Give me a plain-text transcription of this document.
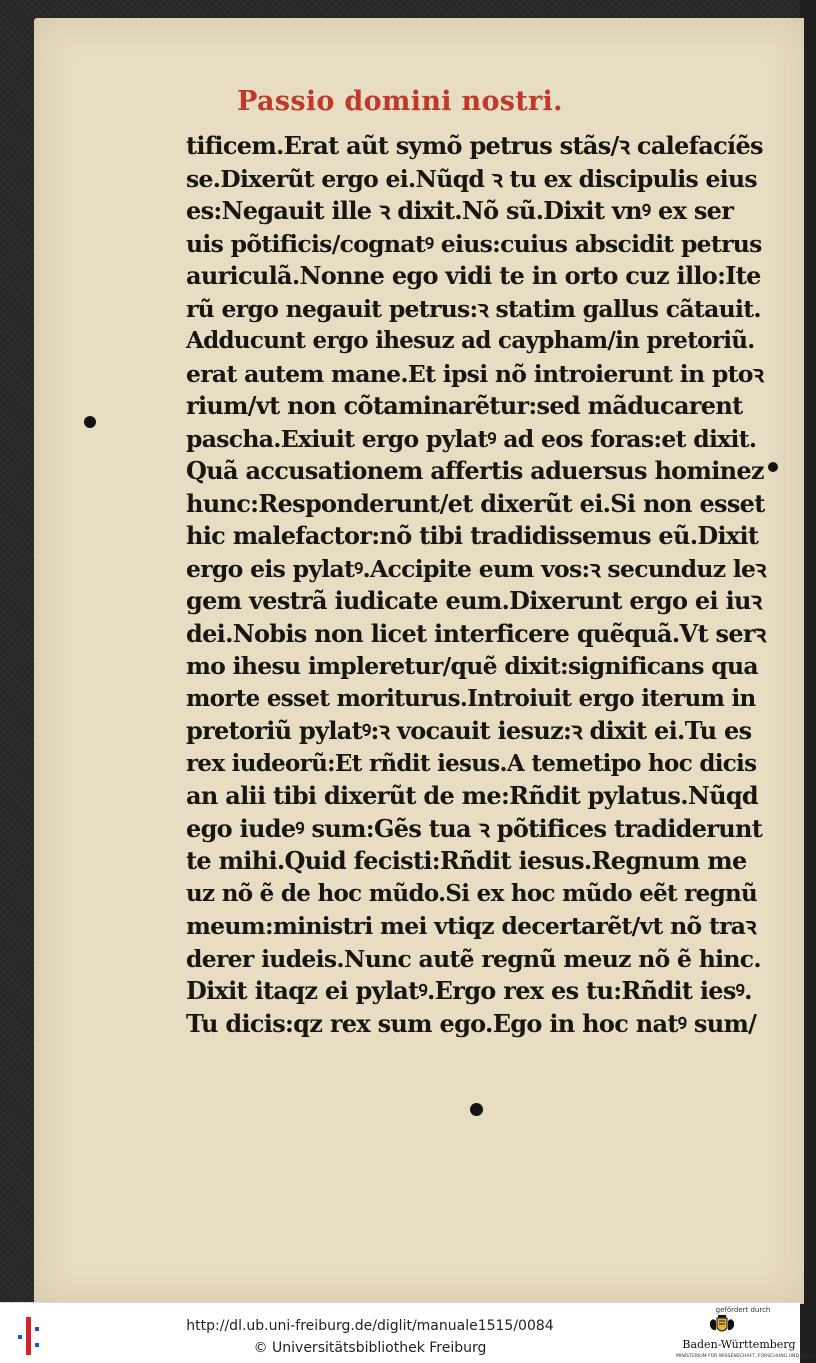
Passio domini nostri.
tificem.Erat aũt symõ petrus stãs/ꝛ calefacíẽs
se.Dixerũt ergo ei.Nũqd ꝛ tu ex discipulis eius
es:Negauit ille ꝛ dixit.Nõ sũ.Dixit vnꝰ ex ser
uis põtificis/cognatꝰ eius:cuius abscidit petrus
auriculã.Nonne ego vidi te in orto cuz illo:Ite
rũ ergo negauit petrus:ꝛ statim gallus cãtauit.
Adducunt ergo ihesuz ad caypham/in pretoriũ.
erat autem mane.Et ipsi nõ introierunt in ptoꝛ
rium/vt non cõtaminarẽtur:sed mãducarent
pascha.Exiuit ergo pylatꝰ ad eos foras:et dixit.
Quã accusationem affertis aduersus hominez
hunc:Responderunt/et dixerũt ei.Si non esset
hic malefactor:nõ tibi tradidissemus eũ.Dixit
ergo eis pylatꝰ.Accipite eum vos:ꝛ secunduz leꝛ
gem vestrã iudicate eum.Dixerunt ergo ei iuꝛ
dei.Nobis non licet interficere quẽquã.Vt serꝛ
mo ihesu impleretur/quẽ dixit:significans qua
morte esset moriturus.Introiuit ergo iterum in
pretoriũ pylatꝰ:ꝛ vocauit iesuz:ꝛ dixit ei.Tu es
rex iudeorũ:Et rñdit iesus.A temetipo hoc dicis
an alii tibi dixerũt de me:Rñdit pylatus.Nũqd
ego iudeꝰ sum:Gẽs tua ꝛ põtifices tradiderunt
te mihi.Quid fecisti:Rñdit iesus.Regnum me
uz nõ ẽ de hoc mũdo.Si ex hoc mũdo eẽt regnũ
meum:ministri mei vtiqz decertarẽt/vt nõ traꝛ
derer iudeis.Nunc autẽ regnũ meuz nõ ẽ hinc.
Dixit itaqz ei pylatꝰ.Ergo rex es tu:Rñdit iesꝰ.
Tu dicis:qz rex sum ego.Ego in hoc natꝰ sum/
http://dl.ub.uni-freiburg.de/diglit/manuale1515/0084
© Universitätsbibliothek Freiburg
gefördert durch
Baden-Württemberg
MINISTERIUM FÜR WISSENSCHAFT, FORSCHUNG UND KUNST
